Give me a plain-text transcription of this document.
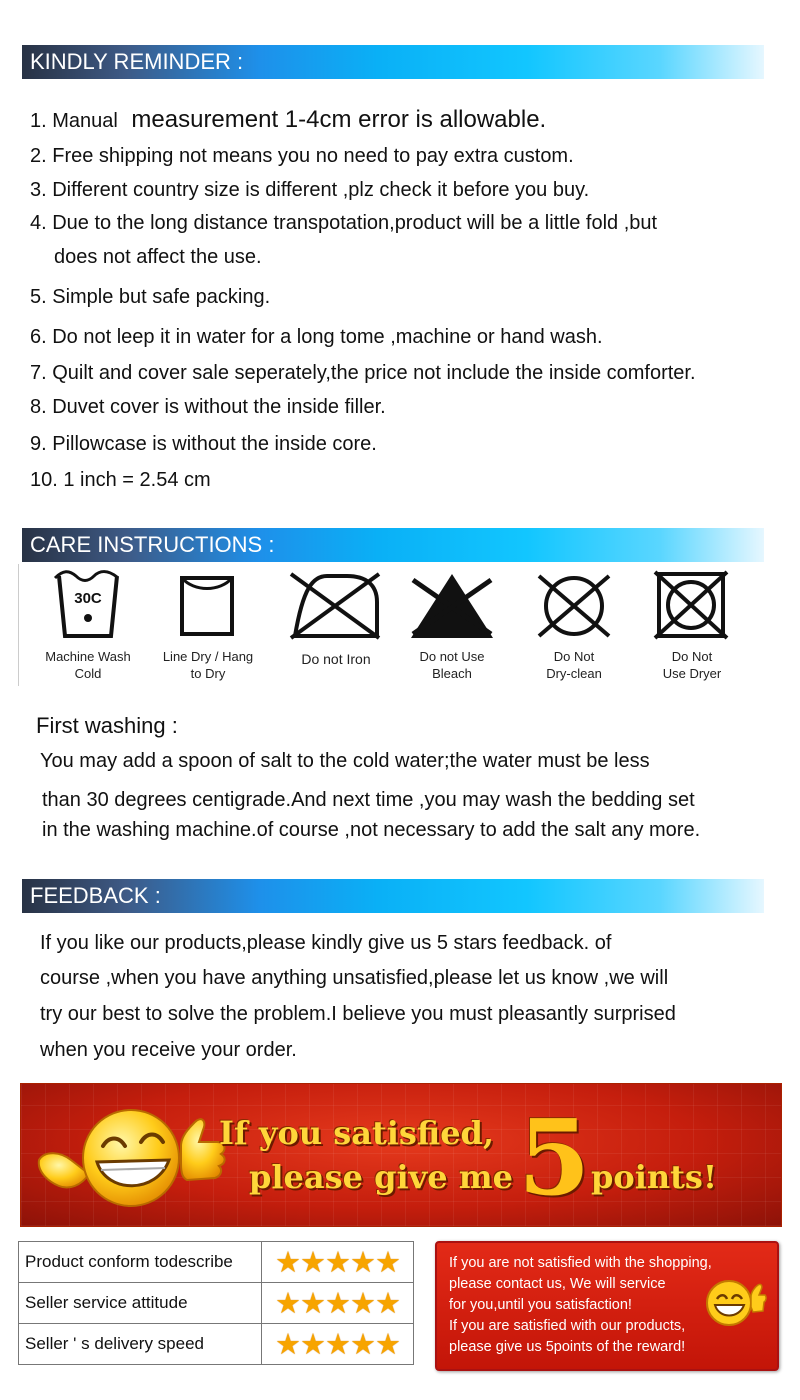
KINDLY REMINDER :
1. Manual measurement 1-4cm error is allowable.
2. Free shipping not means you no need to pay extra custom.
3. Different country size is different ,plz check it before you buy.
4. Due to the long distance transpotation,product will be a little fold ,but
does not affect the use.
5. Simple but safe packing.
6. Do not leep it in water for a long tome ,machine or hand wash.
7. Quilt and cover sale seperately,the price not include the inside comforter.
8. Duvet cover is without the inside filler.
9. Pillowcase is without the inside core.
10. 1 inch = 2.54 cm
CARE INSTRUCTIONS :
30C
Machine Wash
Cold
Line Dry / Hang
to Dry
Do not Iron	Do not Use
Bleach
Do Not
Dry-clean
Do Not
Use Dryer
First washing :
You may add a spoon of salt to the cold water;the water must be less
than 30 degrees centigrade.And next time ,you may wash the bedding set
in the washing machine.of course ,not necessary to add the salt any more.
FEEDBACK :
If you like our products,please kindly give us 5 stars feedback. of
course ,when you have anything unsatisfied,please let us know ,we will
try our best to solve the problem.I believe you must pleasantly surprised
when you receive your order.
If you satisfied,
please give me 5 points!
Product conform todescribe	★★★★★
Seller service attitude	★★★★★
Seller ' s delivery speed	★★★★★
If you are not satisfied with the shopping,
please contact us, We will service
for you,until you satisfaction!
If you are satisfied with our products,
please give us 5points of the reward!
